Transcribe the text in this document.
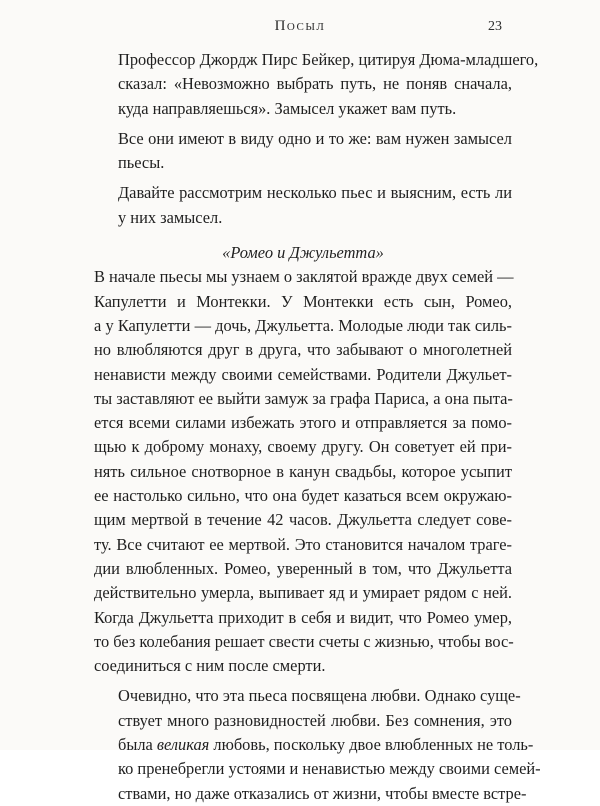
Посыл	23

Профессор Джордж Пирс Бейкер, цитируя Дюма-младшего,
сказал: «Невозможно выбрать путь, не поняв сначала,
куда направляешься». Замысел укажет вам путь.

Все они имеют в виду одно и то же: вам нужен замысел
пьесы.

Давайте рассмотрим несколько пьес и выясним, есть ли
у них замысел.

«Ромео и Джульетта»

В начале пьесы мы узнаем о заклятой вражде двух семей —
Капулетти и Монтекки. У Монтекки есть сын, Ромео,
а у Капулетти — дочь, Джульетта. Молодые люди так силь-
но влюбляются друг в друга, что забывают о многолетней
ненависти между своими семействами. Родители Джульет-
ты заставляют ее выйти замуж за графа Париса, а она пыта-
ется всеми силами избежать этого и отправляется за помо-
щью к доброму монаху, своему другу. Он советует ей при-
нять сильное снотворное в канун свадьбы, которое усыпит
ее настолько сильно, что она будет казаться всем окружаю-
щим мертвой в течение 42 часов. Джульетта следует сове-
ту. Все считают ее мертвой. Это становится началом траге-
дии влюбленных. Ромео, уверенный в том, что Джульетта
действительно умерла, выпивает яд и умирает рядом с ней.
Когда Джульетта приходит в себя и видит, что Ромео умер,
то без колебания решает свести счеты с жизнью, чтобы вос-
соединиться с ним после смерти.

Очевидно, что эта пьеса посвящена любви. Однако суще-
ствует много разновидностей любви. Без сомнения, это
была великая любовь, поскольку двое влюбленных не толь-
ко пренебрегли устоями и ненавистью между своими семей-
ствами, но даже отказались от жизни, чтобы вместе встре-
